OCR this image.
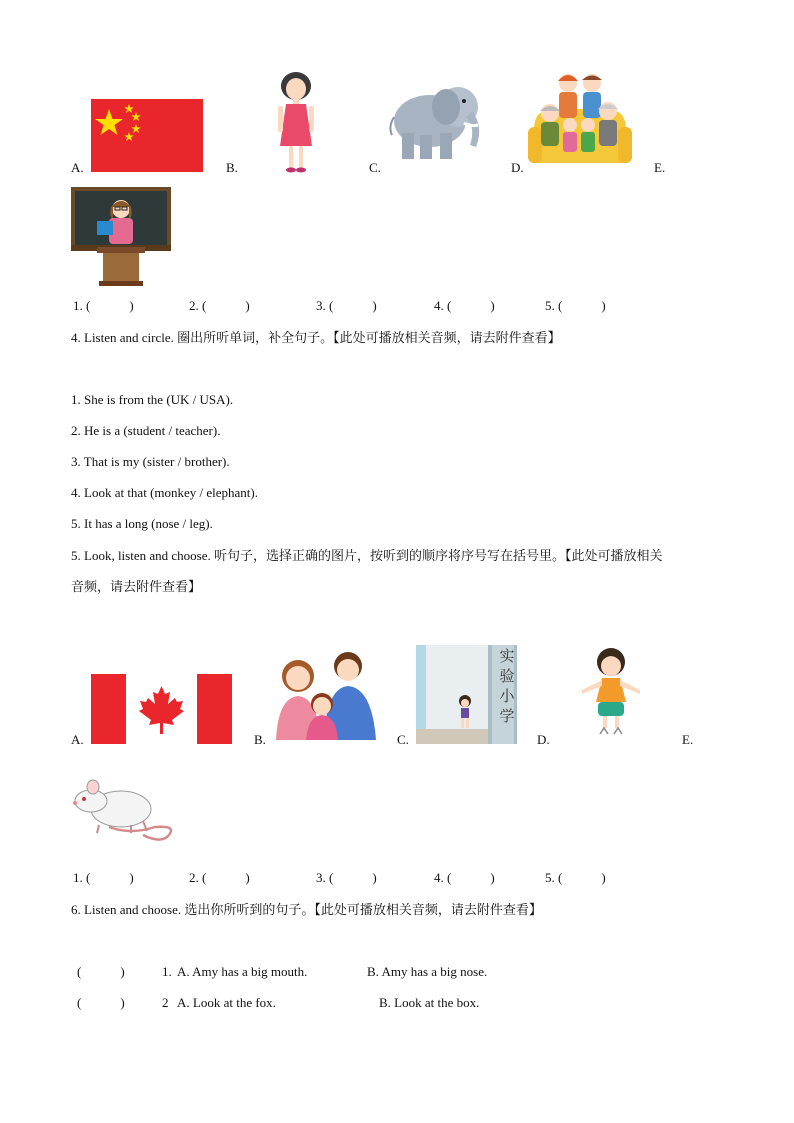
A.	B.	C.	D.	E.
1. (            )	2. (            )	3. (            )	4. (            )	5. (            )
4. Listen and circle. 圈出所听单词，补全句子。【此处可播放相关音频，请去附件查看】
1. She is from the (UK / USA).
2. He is a (student / teacher).
3. That is my (sister / brother).
4. Look at that (monkey / elephant).
5. It has a long (nose / leg).
5. Look, listen and choose. 听句子，选择正确的图片，按听到的顺序将序号写在括号里。【此处可播放相关
音频，请去附件查看】
A.	B.	C.
实
验
小
学
D.	E.
1. (            )	2. (            )	3. (            )	4. (            )	5. (            )
6. Listen and choose. 选出你所听到的句子。【此处可播放相关音频，请去附件查看】
(            )	1. A. Amy has a big mouth.	B. Amy has a big nose.
(            )	2 A. Look at the fox.	B. Look at the box.
